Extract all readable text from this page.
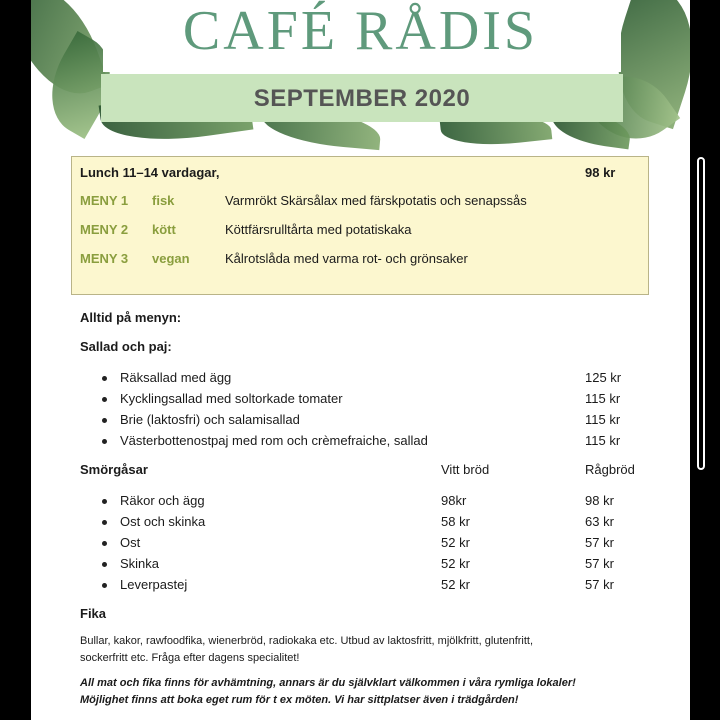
CAFÉ RÅDIS
SEPTEMBER 2020
Lunch 11–14 vardagar,	98 kr
MENY 1 fisk	Varmrökt Skärsålax med färskpotatis och senapssås
MENY 2 kött	Köttfärsrulltårta med potatiskaka
MENY 3 vegan	Kålrotslåda med varma rot- och grönsaker
Alltid på menyn:
Sallad och paj:
Räksallad med ägg	125 kr
Kycklingsallad med soltorkade tomater	115 kr
Brie (laktosfri) och salamisallad	115 kr
Västerbottenostpaj med rom och crèmefraiche, sallad	115 kr
Smörgåsar	Vitt bröd	Rågbröd
Räkor och ägg	98kr	98 kr
Ost och skinka	58 kr	63 kr
Ost	52 kr	57 kr
Skinka	52 kr	57 kr
Leverpastej	52 kr	57 kr
Fika
Bullar, kakor, rawfoodfika, wienerbröd, radiokaka etc. Utbud av laktosfritt, mjölkfritt, glutenfritt,
sockerfritt etc. Fråga efter dagens specialitet!
All mat och fika finns för avhämtning, annars är du självklart välkommen i våra rymliga lokaler!
Möjlighet finns att boka eget rum för t ex möten. Vi har sittplatser även i trädgården!
